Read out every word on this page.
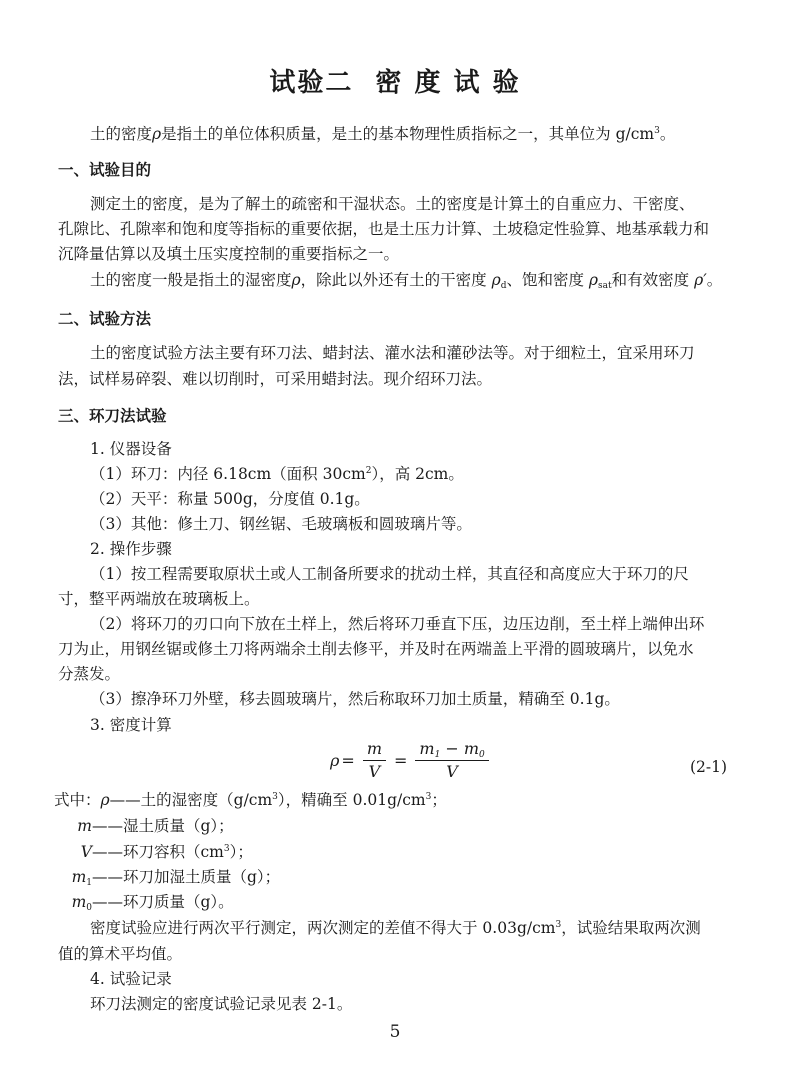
试验二 密 度 试 验
土的密度ρ是指土的单位体积质量，是土的基本物理性质指标之一，其单位为 $g/cm^3$。
一、试验目的
测定土的密度，是为了解土的疏密和干湿状态。土的密度是计算土的自重应力、干密度、
孔隙比、孔隙率和饱和度等指标的重要依据，也是土压力计算、土坡稳定性验算、地基承载力和
沉降量估算以及填土压实度控制的重要指标之一。
土的密度一般是指土的湿密度ρ，除此以外还有土的干密度 $\rho_d$、饱和密度 $\rho_{sat}$和有效密度 ρ′。
二、试验方法
土的密度试验方法主要有环刀法、蜡封法、灌水法和灌砂法等。对于细粒土，宜采用环刀
法，试样易碎裂、难以切削时，可采用蜡封法。现介绍环刀法。
三、环刀法试验
1. 仪器设备
（1）环刀：内径 6.18cm（面积 $30cm^2$），高 2cm。
（2）天平：称量 500g，分度值 0.1g。
（3）其他：修土刀、钢丝锯、毛玻璃板和圆玻璃片等。
2. 操作步骤
（1）按工程需要取原状土或人工制备所要求的扰动土样，其直径和高度应大于环刀的尺
寸，整平两端放在玻璃板上。
（2）将环刀的刃口向下放在土样上，然后将环刀垂直下压，边压边削，至土样上端伸出环
刀为止，用钢丝锯或修土刀将两端余土削去修平，并及时在两端盖上平滑的圆玻璃片，以免水
分蒸发。
（3）擦净环刀外壁，移去圆玻璃片，然后称取环刀加土质量，精确至 0.1g。
3. 密度计算
$\rho = \frac{m}{V} = \frac{m_1 - m_0}{V}$	(2-1)
式中：ρ——土的湿密度$(g/cm^3)$，精确至 $0.01g/cm^3$；
m——湿土质量（g）；
V——环刀容积$(cm^3)$；
$m_1——$环刀加湿土质量（g）；
$m_0——$环刀质量（g）。
密度试验应进行两次平行测定，两次测定的差值不得大于 $0.03g/cm^3$，试验结果取两次测
值的算术平均值。
4. 试验记录
环刀法测定的密度试验记录见表 2-1。
5
